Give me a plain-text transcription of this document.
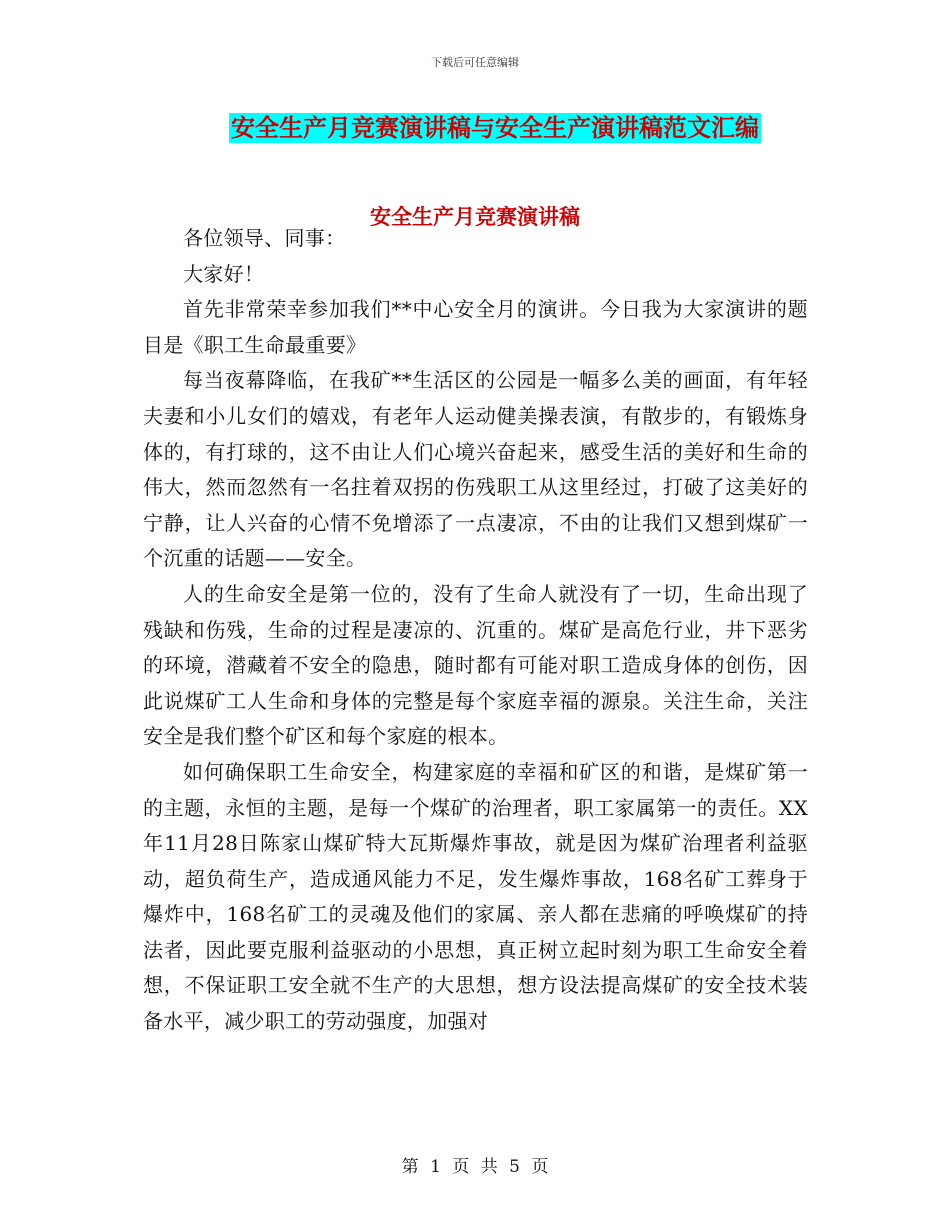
下载后可任意编辑
安全生产月竞赛演讲稿与安全生产演讲稿范文汇编
安全生产月竞赛演讲稿

各位领导、同事：

大家好！

首先非常荣幸参加我们**中心安全月的演讲。今日我为大家演讲的题目是《职工生命最重要》

每当夜幕降临，在我矿**生活区的公园是一幅多么美的画面，有年轻夫妻和小儿女们的嬉戏，有老年人运动健美操表演，有散步的，有锻炼身体的，有打球的，这不由让人们心境兴奋起来，感受生活的美好和生命的伟大，然而忽然有一名拄着双拐的伤残职工从这里经过，打破了这美好的宁静，让人兴奋的心情不免增添了一点凄凉，不由的让我们又想到煤矿一个沉重的话题——安全。

人的生命安全是第一位的，没有了生命人就没有了一切，生命出现了残缺和伤残，生命的过程是凄凉的、沉重的。煤矿是高危行业，井下恶劣的环境，潜藏着不安全的隐患，随时都有可能对职工造成身体的创伤，因此说煤矿工人生命和身体的完整是每个家庭幸福的源泉。关注生命，关注安全是我们整个矿区和每个家庭的根本。

如何确保职工生命安全，构建家庭的幸福和矿区的和谐，是煤矿第一的主题，永恒的主题，是每一个煤矿的治理者，职工家属第一的责任。XX年11月28日陈家山煤矿特大瓦斯爆炸事故，就是因为煤矿治理者利益驱动，超负荷生产，造成通风能力不足，发生爆炸事故，168名矿工葬身于爆炸中，168名矿工的灵魂及他们的家属、亲人都在悲痛的呼唤煤矿的持法者，因此要克服利益驱动的小思想，真正树立起时刻为职工生命安全着想，不保证职工安全就不生产的大思想，想方设法提高煤矿的安全技术装备水平，减少职工的劳动强度，加强对

第 1 页 共 5 页
